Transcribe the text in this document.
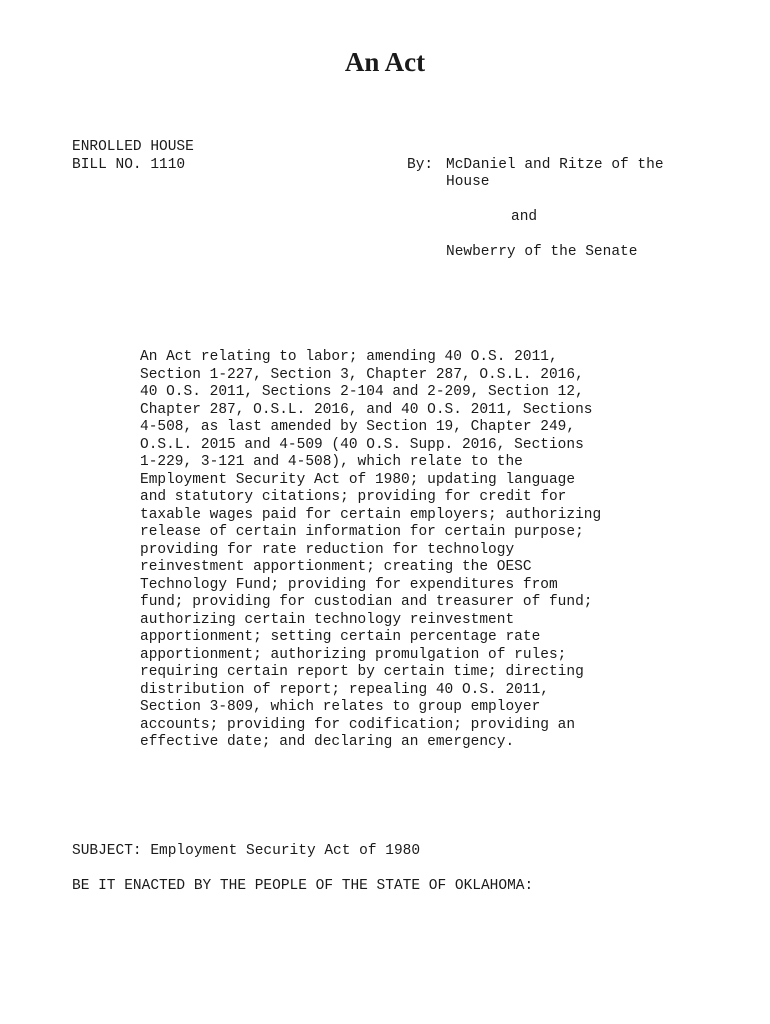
An Act

ENROLLED HOUSE

BILL NO. 1110	By: McDaniel and Ritze of the

House

and

Newberry of the Senate

An Act relating to labor; amending 40 O.S. 2011,
Section 1-227, Section 3, Chapter 287, O.S.L. 2016,
40 O.S. 2011, Sections 2-104 and 2-209, Section 12,
Chapter 287, O.S.L. 2016, and 40 O.S. 2011, Sections
4-508, as last amended by Section 19, Chapter 249,
O.S.L. 2015 and 4-509 (40 O.S. Supp. 2016, Sections
1-229, 3-121 and 4-508), which relate to the
Employment Security Act of 1980; updating language
and statutory citations; providing for credit for
taxable wages paid for certain employers; authorizing
release of certain information for certain purpose;
providing for rate reduction for technology
reinvestment apportionment; creating the OESC
Technology Fund; providing for expenditures from
fund; providing for custodian and treasurer of fund;
authorizing certain technology reinvestment
apportionment; setting certain percentage rate
apportionment; authorizing promulgation of rules;
requiring certain report by certain time; directing
distribution of report; repealing 40 O.S. 2011,
Section 3-809, which relates to group employer
accounts; providing for codification; providing an
effective date; and declaring an emergency.

SUBJECT: Employment Security Act of 1980

BE IT ENACTED BY THE PEOPLE OF THE STATE OF OKLAHOMA:
